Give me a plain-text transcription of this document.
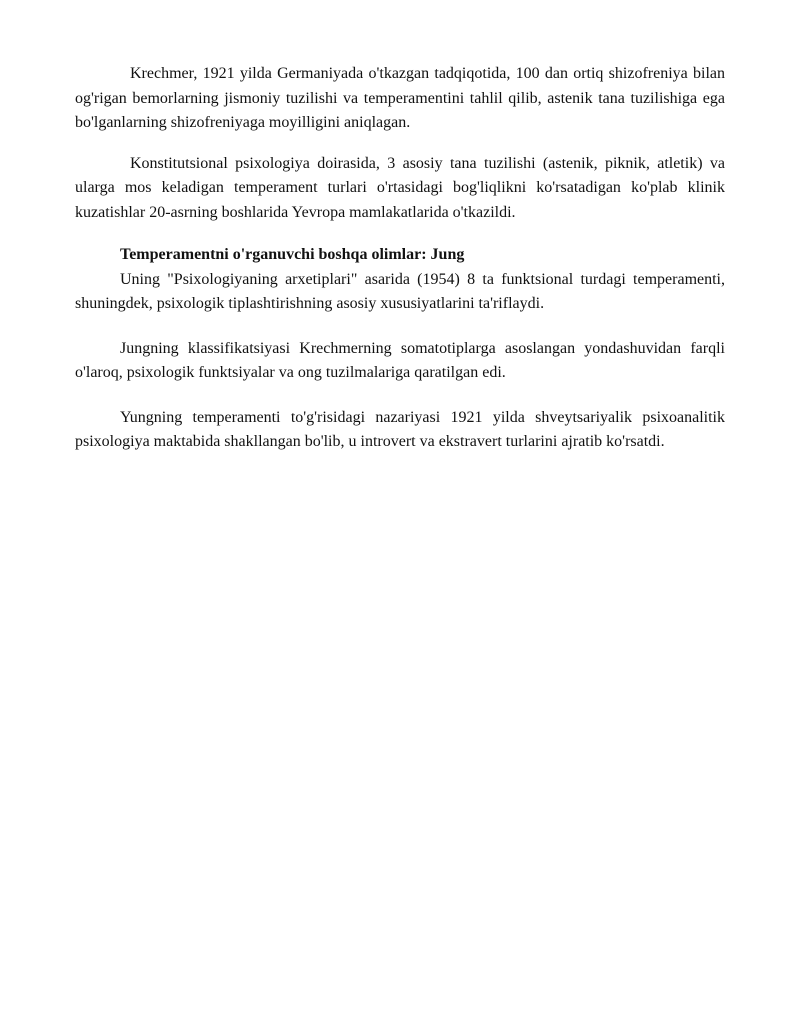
Krechmer, 1921 yilda Germaniyada o'tkazgan tadqiqotida, 100 dan ortiq shizofreniya bilan og'rigan bemorlarning jismoniy tuzilishi va temperamentini tahlil qilib, astenik tana tuzilishiga ega bo'lganlarning shizofreniyaga moyilligini aniqlagan.

Konstitutsional psixologiya doirasida, 3 asosiy tana tuzilishi (astenik, piknik, atletik) va ularga mos keladigan temperament turlari o'rtasidagi bog'liqlikni ko'rsatadigan ko'plab klinik kuzatishlar 20-asrning boshlarida Yevropa mamlakatlarida o'tkazildi.

Temperamentni o'rganuvchi boshqa olimlar: Jung

Uning "Psixologiyaning arxetiplari" asarida (1954) 8 ta funktsional turdagi temperamenti, shuningdek, psixologik tiplashtirishning asosiy xususiyatlarini ta'riflaydi.

Jungning klassifikatsiyasi Krechmerning somatotiplarga asoslangan yondashuvidan farqli o'laroq, psixologik funktsiyalar va ong tuzilmalariga qaratilgan edi.

Yungning temperamenti to'g'risidagi nazariyasi 1921 yilda shveytsariyalik psixoanalitik psixologiya maktabida shakllangan bo'lib, u introvert va ekstravert turlarini ajratib ko'rsatdi.
